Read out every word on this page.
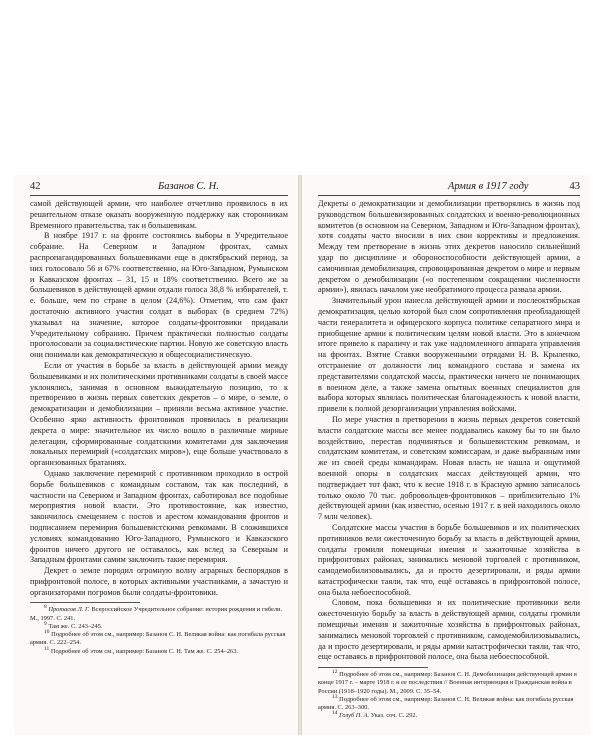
42	Базанов С. Н.

самой действующей армии, что наиболее отчетливо проявилось в их решительном отказе оказать вооруженную поддержку как сторонникам Временного правительства, так и большевикам.

В ноябре 1917 г. на фронте состоялись выборы в Учредительное собрание. На Северном и Западном фронтах, самых распропагандированных большевиками еще в доктябрьский период, за них голосовало 56 и 67% соответственно, на Юго-Западном, Румынском и Кавказском фронтах – 31, 15 и 18% соответственно. Всего же за большевиков в действующей армии отдали голоса 38,8 % избирателей, т. е. больше, чем по стране в целом (24,6%). Отметим, что сам факт достаточно активного участия солдат в выборах (в среднем 72%) указывал на значение, которое солдаты-фронтовики придавали Учредительному собранию. Причем практически полностью солдаты проголосовали за социалистические партии. Новую же советскую власть они понимали как демократическую и общесоциалистическую.

Если от участия в борьбе за власть в действующей армии между большевиками и их политическими противниками солдаты в своей массе уклонялись, занимая в основном выжидательную позицию, то к претворению в жизнь первых советских декретов – о мире, о земле, о демократизации и демобилизации – приняли весьма активное участие. Особенно ярко активность фронтовиков проявилась в реализации декрета о мире: значительное их число вошло в различные мирные делегации, сформированные солдатскими комитетами для заключения локальных перемирий («солдатских миров»), еще больше участвовало в организованных братаниях.

Однако заключение перемирий с противником проходило в острой борьбе большевиков с командным составом, так как последний, в частности на Северном и Западном фронтах, саботировал все подобные мероприятия новой власти. Это противостояние, как известно, закончилось смещением с постов и арестом командования фронтов и подписанием перемирия большевистскими ревкомами. В сложившихся условиях командованию Юго-Западного, Румынского и Кавказского фронтов ничего другого не оставалось, как вслед за Северным и Западным фронтами самим заключить такие перемирия.

Декрет о земле породил огромную волну аграрных беспорядков в прифронтовой полосе, в которых активными участниками, а зачастую и организаторами погромов были солдаты-фронтовики.

$^8$ Протасов Л. Г. Всероссийское Учредительное собрание: история рождения и гибели. М., 1997. С. 241.

$^9$ Там же. С. 243–245.

$^{10}$ Подробнее об этом см., например: Базанов С. Н. Великая война: как погибала русская армия. С. 222–254.

$^{11}$ Подробнее об этом см., например: Базанов С. Н. Там же. С. 254–263.

Армия в 1917 году	43

Декреты о демократизации и демобилизации претворялись в жизнь под руководством большевизированных солдатских и военно-революционных комитетов (в основном на Северном, Западном и Юго-Западном фронтах), хотя солдаты часто вносили в них свои коррективы и предложения. Между тем претворение в жизнь этих декретов наносило сильнейший удар по дисциплине и обороноспособности действующей армии, а самочинная демобилизация, спровоцированная декретом о мире и первым декретом о демобилизации («о постепенном сокращении численности армии»), явилась началом уже необратимого процесса развала армии.

Значительный урон нанесла действующей армии и послеоктябрьская демократизация, целью которой был слом сопротивления преобладающей части генералитета и офицерского корпуса политике сепаратного мира и приобщение армии к политическим целям новой власти. Это в конечном итоге привело к параличу и так уже надломленного аппарата управления на фронтах. Взятие Ставки вооруженными отрядами Н. В. Крыленко, отстранение от должности лиц командного состава и замена их представителями солдатской массы, практически ничего не понимающих в военном деле, а также замена опытных военных специалистов для выбора которых являлась политическая благонадежность к новой власти, привели к полной дезорганизации управления войсками.

По мере участия в претворении в жизнь первых декретов советской власти солдатские массы все менее поддавались какому бы то ни было воздействию, перестав подчиняться и большевистским ревкомам, и солдатским комитетам, и советским комиссарам, и даже выбранным ими же из своей среды командирам. Новая власть не нашла и ощутимой военной опоры в солдатских массах действующей армии, что подтверждает тот факт, что к весне 1918 г. в Красную армию записалось только около 70 тыс. добровольцев-фронтовиков – приблизительно 1% действующей армии (как известно, осенью 1917 г. в ней находилось около 7 млн человек).

Солдатские массы участия в борьбе большевиков и их политических противников вели ожесточенную борьбу за власть в действующей армии, солдаты громили помещичьи имения и зажиточные хозяйства в прифронтовых районах, занимались меновой торговлей с противником, самодемобилизовывались, да и просто дезертировали, и ряды армии катастрофически таяли, так что, ещё оставаясь в прифронтовой полосе, она была небоеспособной.

Словом, пока большевики и их политические противники вели ожесточенную борьбу за власть в действующей армии, солдаты громили помещичьи имения и зажиточные хозяйства в прифронтовых районах, занимались меновой торговлей с противником, самодемобилизовывались, да и просто дезертировали, и ряды армии катастрофически таяли, так что, еще оставаясь в прифронтовой полосе, она была небоеспособной.

$^{12}$ Подробнее об этом см., например: Базанов С. Н. Демобилизация действующей армии в конце 1917 г. – марте 1918 г. и ее последствия // Военная интервенция и Гражданская война в России (1918–1920 годы). М., 2009. С. 35–54.

$^{13}$ Подробнее об этом см., например: Базанов С. Н. Великая война: как погибала русская армия. С. 263–300.

$^{14}$ Голуб П. А. Указ. соч. С. 292.
